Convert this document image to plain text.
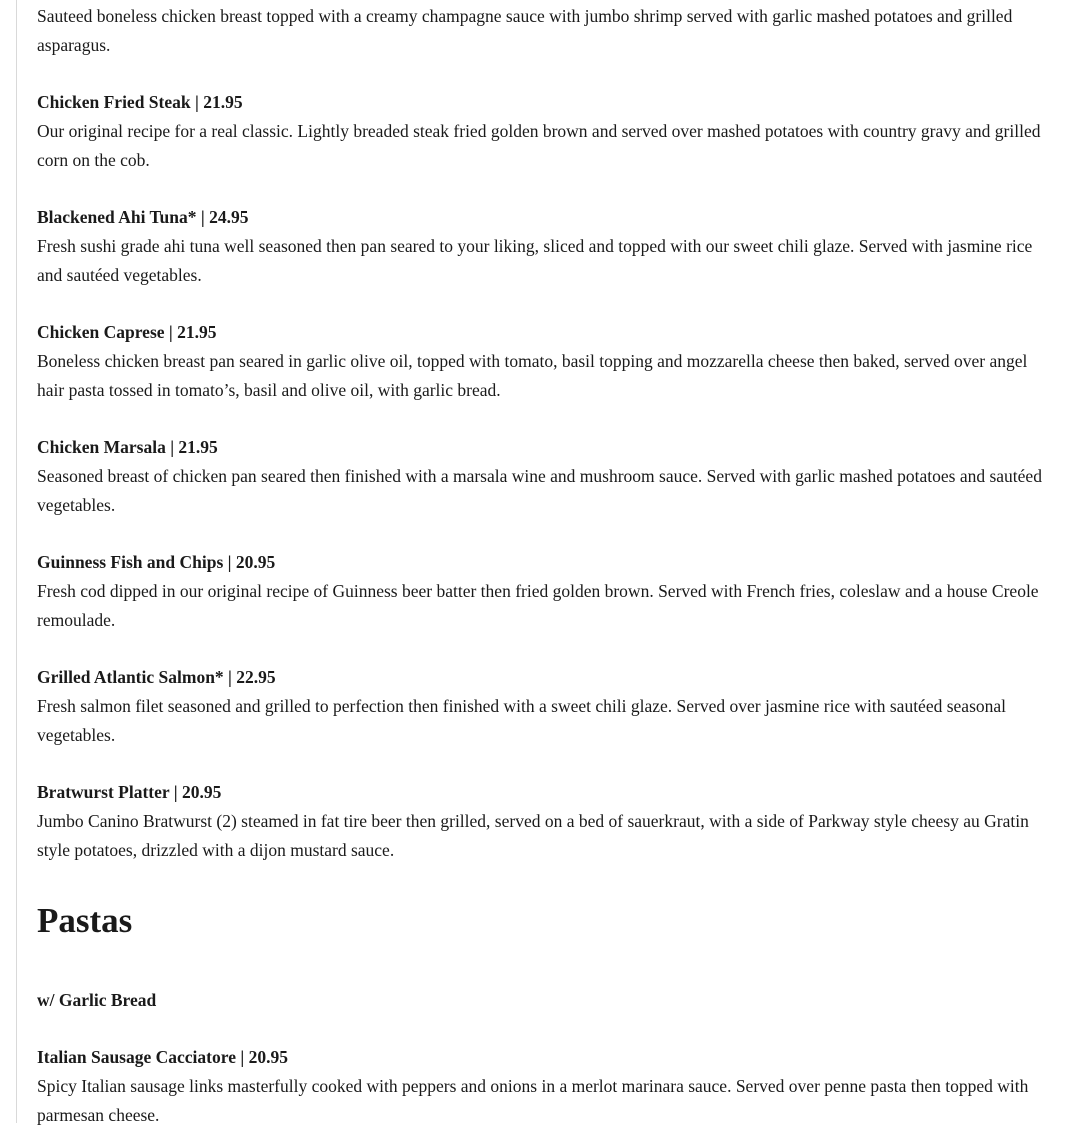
Sauteed boneless chicken breast topped with a creamy champagne sauce with jumbo shrimp served with garlic mashed potatoes and grilled asparagus.

Chicken Fried Steak | 21.95
Our original recipe for a real classic. Lightly breaded steak fried golden brown and served over mashed potatoes with country gravy and grilled corn on the cob.
Blackened Ahi Tuna* | 24.95
Fresh sushi grade ahi tuna well seasoned then pan seared to your liking, sliced and topped with our sweet chili glaze. Served with jasmine rice and sautéed vegetables.
Chicken Caprese | 21.95
Boneless chicken breast pan seared in garlic olive oil, topped with tomato, basil topping and mozzarella cheese then baked, served over angel hair pasta tossed in tomato’s, basil and olive oil, with garlic bread.
Chicken Marsala | 21.95
Seasoned breast of chicken pan seared then finished with a marsala wine and mushroom sauce. Served with garlic mashed potatoes and sautéed vegetables.
Guinness Fish and Chips | 20.95
Fresh cod dipped in our original recipe of Guinness beer batter then fried golden brown. Served with French fries, coleslaw and a house Creole remoulade.
Grilled Atlantic Salmon* | 22.95
Fresh salmon filet seasoned and grilled to perfection then finished with a sweet chili glaze. Served over jasmine rice with sautéed seasonal vegetables.
Bratwurst Platter | 20.95
Jumbo Canino Bratwurst (2) steamed in fat tire beer then grilled, served on a bed of sauerkraut, with a side of Parkway style cheesy au Gratin style potatoes, drizzled with a dijon mustard sauce.
Pastas
w/ Garlic Bread
Italian Sausage Cacciatore | 20.95
Spicy Italian sausage links masterfully cooked with peppers and onions in a merlot marinara sauce. Served over penne pasta then topped with parmesan cheese.
